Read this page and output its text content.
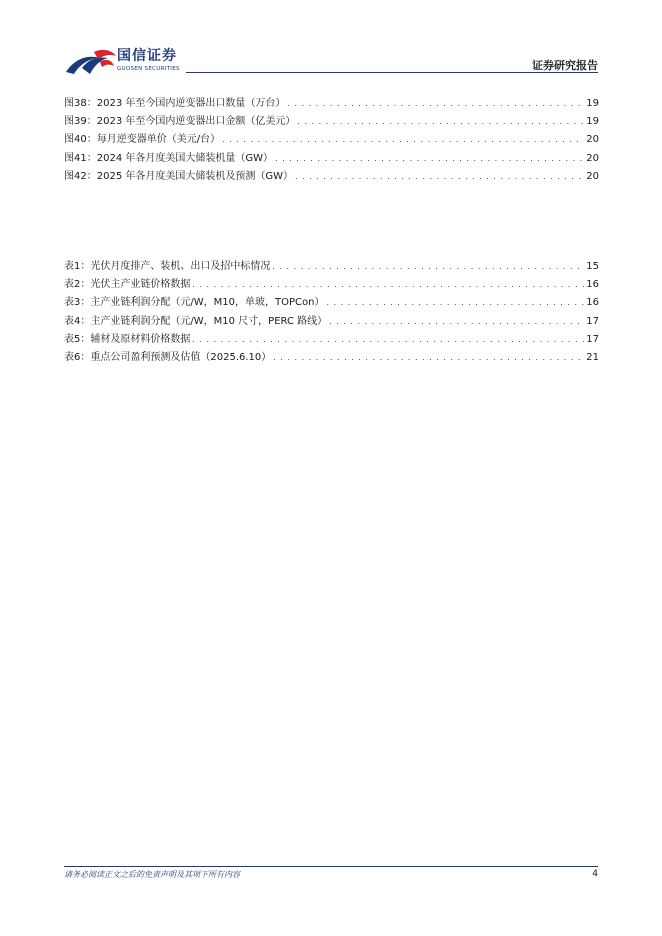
国信证券
GUOSEN SECURITIES	证券研究报告
图38：2023 年至今国内逆变器出口数量（万台） . . .	19
图39：2023 年至今国内逆变器出口金额（亿美元） . . .	19
图40：每月逆变器单价（美元/台） . . .	20
图41：2024 年各月度美国大储装机量（GW） . . .	20
图42：2025 年各月度美国大储装机及预测（GW） . . .	20
表1：光伏月度排产、装机、出口及招中标情况 . . .	15
表2：光伏主产业链价格数据 . . .	16
表3：主产业链利润分配（元/W，M10，单玻，TOPCon） . . .	16
表4：主产业链利润分配（元/W，M10 尺寸，PERC 路线） . . .	17
表5：辅材及原材料价格数据 . . .	17
表6：重点公司盈利预测及估值（2025.6.10） . . .	21
请务必阅读正文之后的免责声明及其项下所有内容	4
